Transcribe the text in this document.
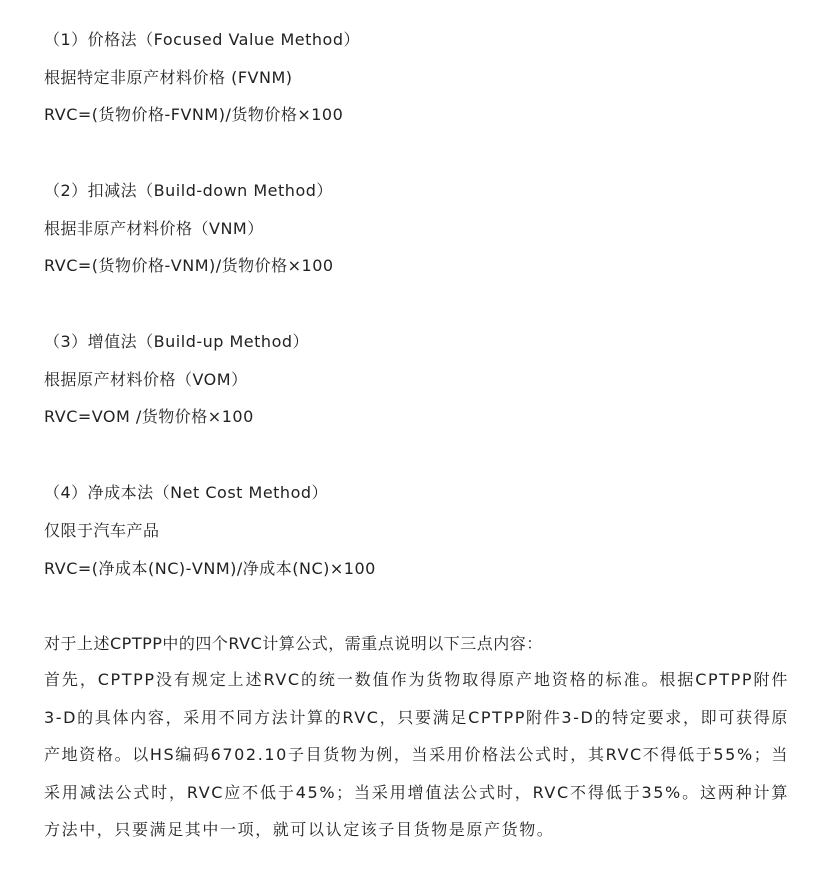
（1）价格法（Focused Value Method）
根据特定非原产材料价格 (FVNM)
RVC=(货物价格-FVNM)/货物价格×100
（2）扣减法（Build-down Method）
根据非原产材料价格（VNM）
RVC=(货物价格-VNM)/货物价格×100
（3）增值法（Build-up Method）
根据原产材料价格（VOM）
RVC=VOM /货物价格×100
（4）净成本法（Net Cost Method）
仅限于汽车产品
RVC=(净成本(NC)-VNM)/净成本(NC)×100
对于上述CPTPP中的四个RVC计算公式，需重点说明以下三点内容：
首先，CPTPP没有规定上述RVC的统一数值作为货物取得原产地资格的标准。根据CPTPP附件3-D的具体内容，采用不同方法计算的RVC，只要满足CPTPP附件3-D的特定要求，即可获得原产地资格。以HS编码6702.10子目货物为例，当采用价格法公式时，其RVC不得低于55%；当采用减法公式时，RVC应不低于45%；当采用增值法公式时，RVC不得低于35%。这两种计算方法中，只要满足其中一项，就可以认定该子目货物是原产货物。
